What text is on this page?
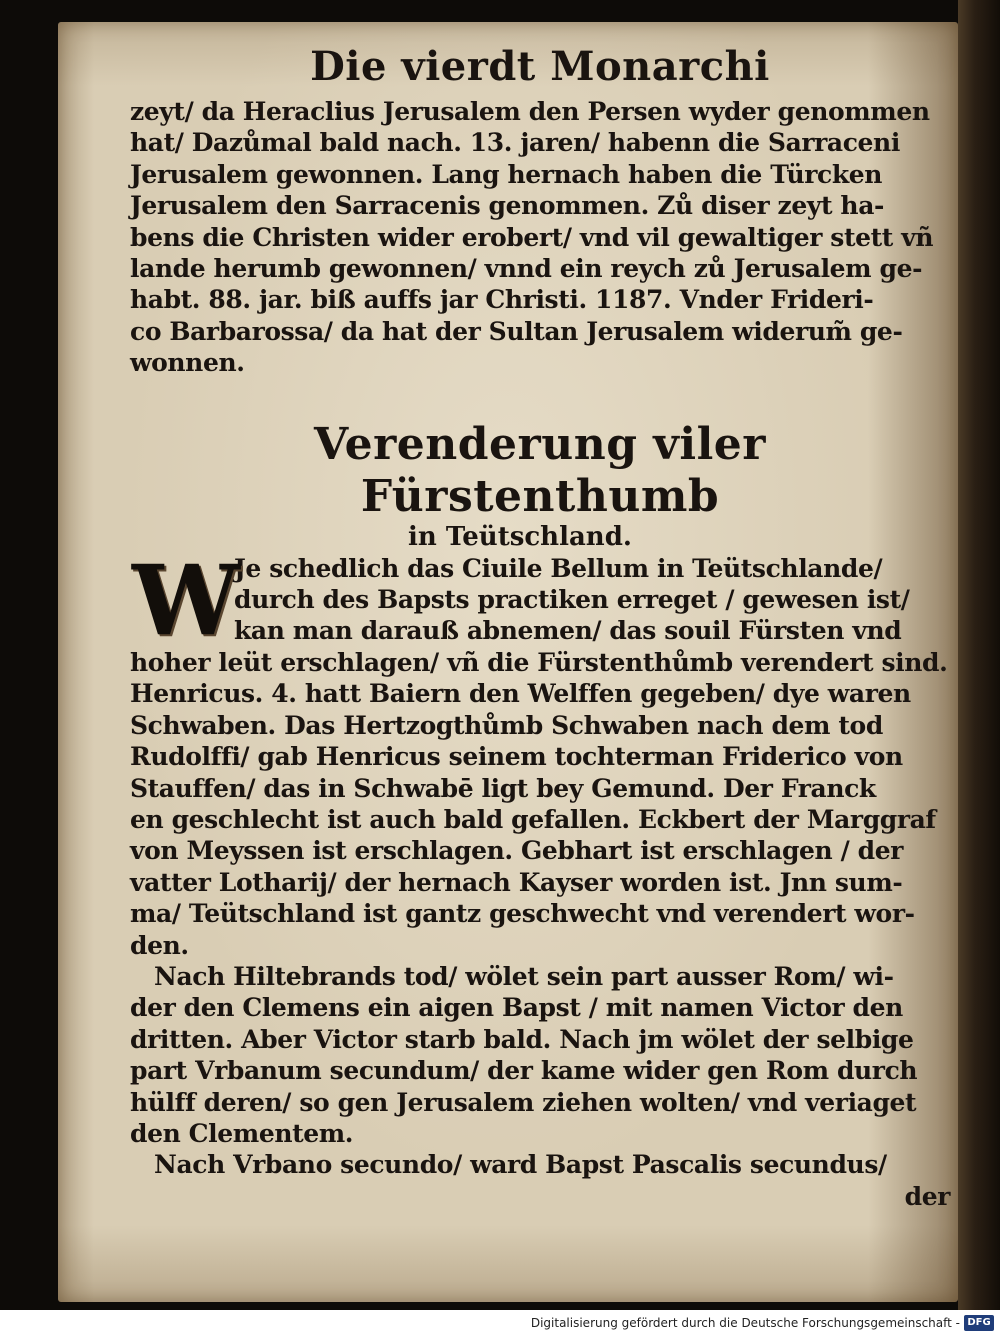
Die vierdt Monarchi
zeyt/ da Heraclius Jerusalem den Persen wyder genommen
hat/ Dazůmal bald nach. 13. jaren/ habenn die Sarraceni
Jerusalem gewonnen. Lang hernach haben die Türcken
Jerusalem den Sarracenis genommen. Zů diser zeyt ha-
bens die Christen wider erobert/ vnd vil gewaltiger stett vñ
lande herumb gewonnen/ vnnd ein reych zů Jerusalem ge-
habt. 88. jar. biß auffs jar Christi. 1187. Vnder Frideri-
co Barbarossa/ da hat der Sultan Jerusalem widerum̃ ge-
wonnen.
Verenderung viler Fürstenthumb
in Teütschland.
W
Je schedlich das Ciuile Bellum in Teütschlande/
durch des Bapsts practiken erreget / gewesen ist/
kan man darauß abnemen/ das souil Fürsten vnd
hoher leüt erschlagen/ vñ die Fürstenthůmb verendert sind.
Henricus. 4. hatt Baiern den Welffen gegeben/ dye waren
Schwaben. Das Hertzogthůmb Schwaben nach dem tod
Rudolffi/ gab Henricus seinem tochterman Friderico von
Stauffen/ das in Schwabē ligt bey Gemund. Der Franck
en geschlecht ist auch bald gefallen. Eckbert der Marggraf
von Meyssen ist erschlagen. Gebhart ist erschlagen / der
vatter Lotharij/ der hernach Kayser worden ist. Jnn sum-
ma/ Teütschland ist gantz geschwecht vnd verendert wor-
den.
Nach Hiltebrands tod/ wölet sein part ausser Rom/ wi-
der den Clemens ein aigen Bapst / mit namen Victor den
dritten. Aber Victor starb bald. Nach jm wölet der selbige
part Vrbanum secundum/ der kame wider gen Rom durch
hülff deren/ so gen Jerusalem ziehen wolten/ vnd veriaget
den Clementem.
Nach Vrbano secundo/ ward Bapst Pascalis secundus/
der
Digitalisierung gefördert durch die Deutsche Forschungsgemeinschaft - DFG
